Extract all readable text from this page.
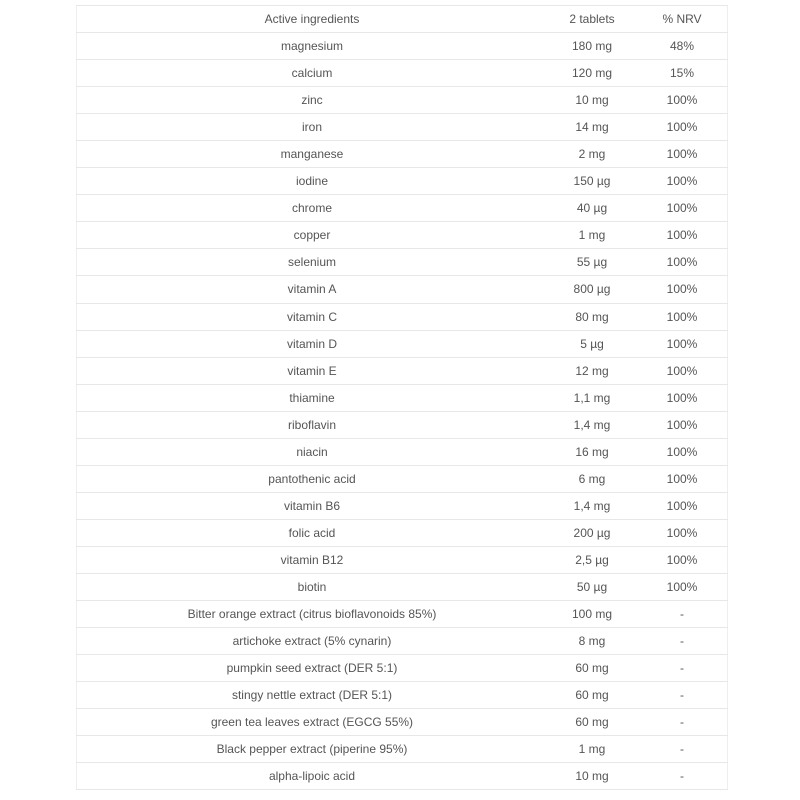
Active ingredients	2 tablets	% NRV
magnesium	180 mg	48%
calcium	120 mg	15%
zinc	10 mg	100%
iron	14 mg	100%
manganese	2 mg	100%
iodine	150 µg	100%
chrome	40 µg	100%
copper	1 mg	100%
selenium	55 µg	100%
vitamin A	800 µg	100%
vitamin C	80 mg	100%
vitamin D	5 µg	100%
vitamin E	12 mg	100%
thiamine	1,1 mg	100%
riboflavin	1,4 mg	100%
niacin	16 mg	100%
pantothenic acid	6 mg	100%
vitamin B6	1,4 mg	100%
folic acid	200 µg	100%
vitamin B12	2,5 µg	100%
biotin	50 µg	100%
Bitter orange extract (citrus bioflavonoids 85%)	100 mg	-
artichoke extract (5% cynarin)	8 mg	-
pumpkin seed extract (DER 5:1)	60 mg	-
stingy nettle extract (DER 5:1)	60 mg	-
green tea leaves extract (EGCG 55%)	60 mg	-
Black pepper extract (piperine 95%)	1 mg	-
alpha-lipoic acid	10 mg	-
